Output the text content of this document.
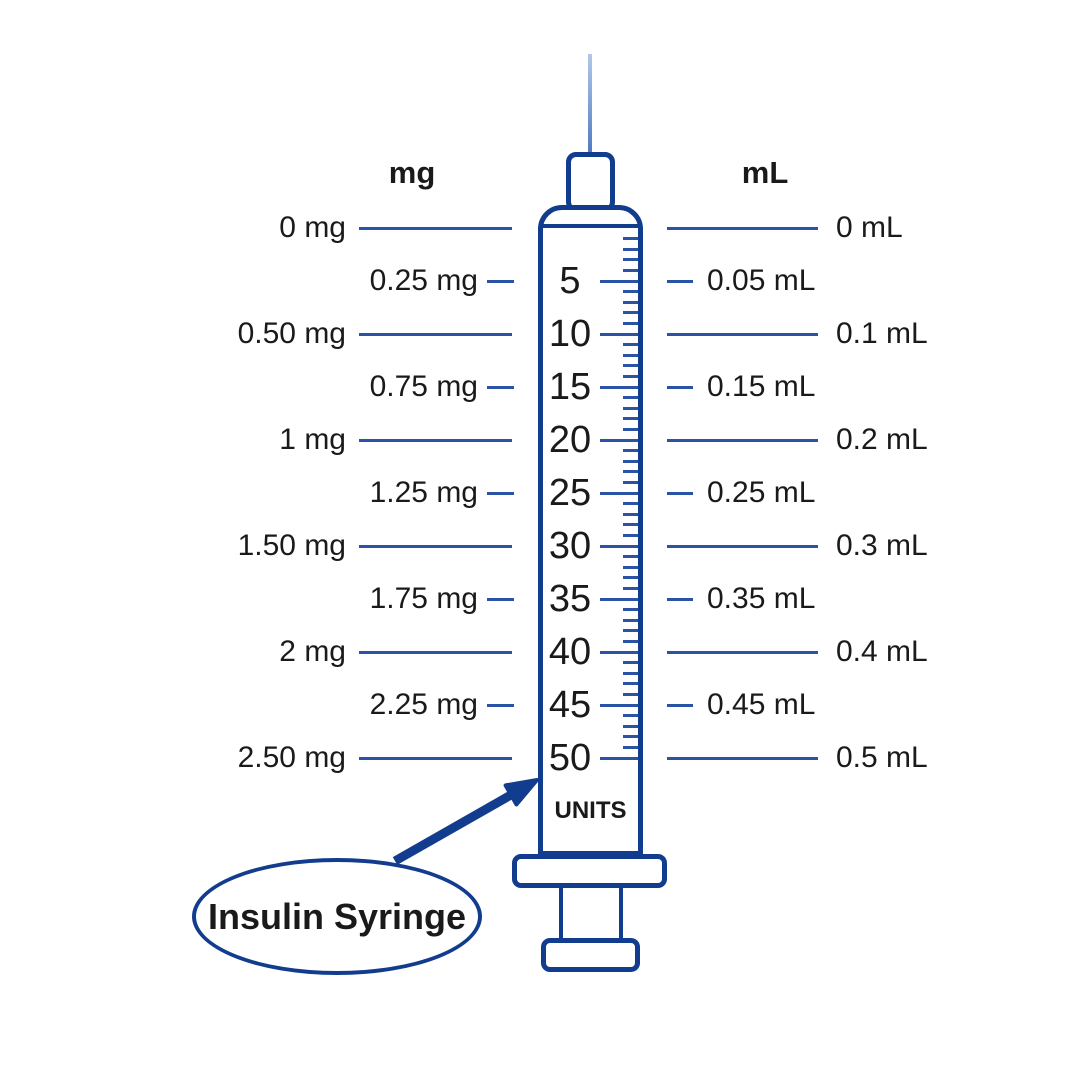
mg	mL
0 mg	0 mL
0.25 mg	0.05 mL
5
0.50 mg	0.1 mL
10
0.75 mg	0.15 mL
15
1 mg	0.2 mL
20
1.25 mg	0.25 mL
25
1.50 mg	0.3 mL
30
1.75 mg	0.35 mL
35
2 mg	0.4 mL
40
2.25 mg	0.45 mL
45
2.50 mg	0.5 mL
50
UNITS
Insulin Syringe
